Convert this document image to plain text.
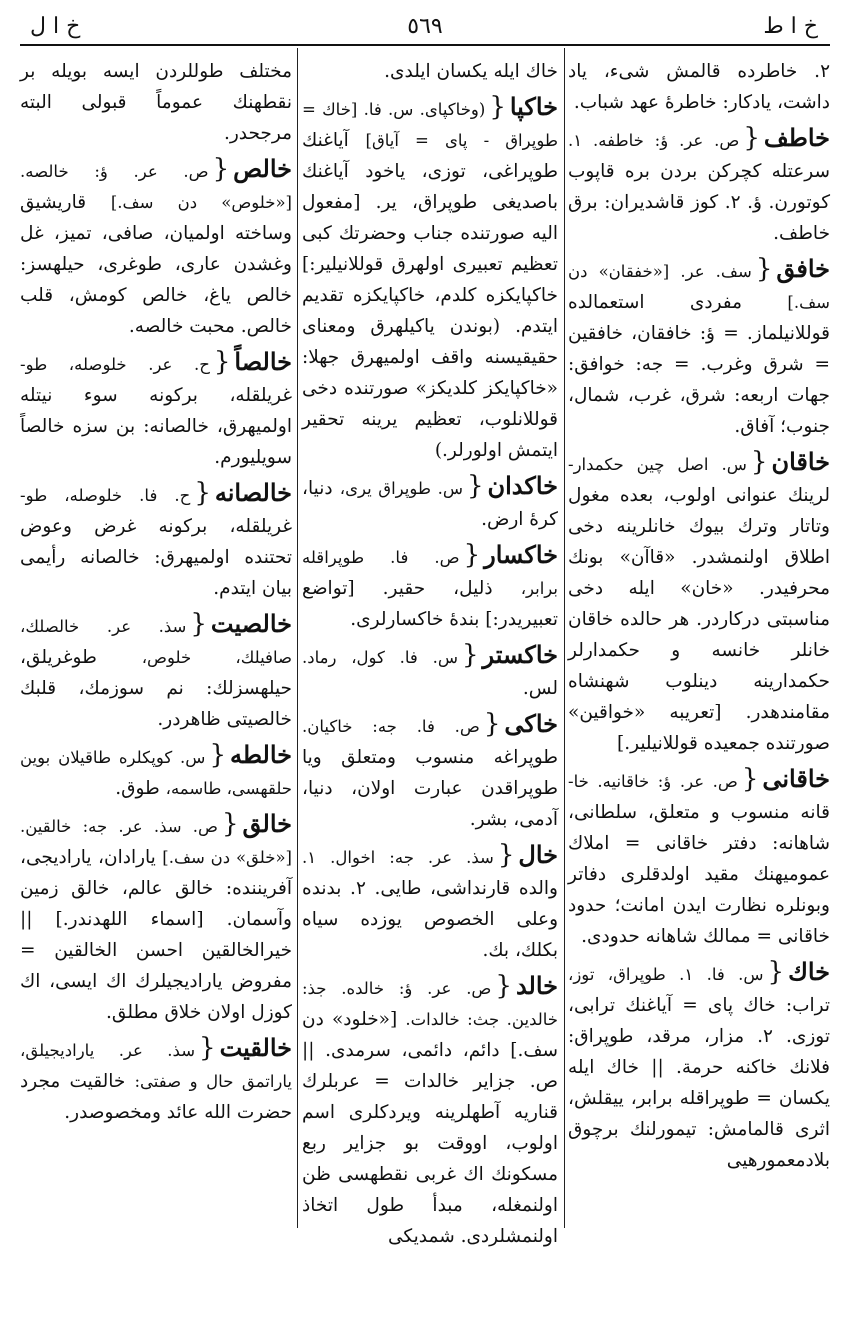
خ ا ل	٥٦٩	خ ا ط
٢. خاطرده قالمش شیء، یاد داشت، یادکار: خاطرهٔ عهد شباب.
خاطف{ص. عر. ؤ: خاطفه. ١. سرعتله کچرکن بردن بره قاپوب کوتورن. ؤ. ٢. کوز قاشدیران: برق خاطف.
خافق{سف. عر. [«خفقان» دن سف.] مفردی استعمالده قوللانیلماز. = ؤ: خافقان، خافقین = شرق وغرب. = جه: خوافق: جهات اربعه: شرق، غرب، شمال، جنوب؛ آفاق.
خاقان{س. اصل چین حکمدار- لرینك عنوانی اولوب، بعده مغول وتاتار وترك بیوك خانلرینه دخی اطلاق اولنمشدر. «قاآن» بونك محرفیدر. «خان» ایله دخی مناسبتی درکاردر. هر حالده خاقان خانلر خانسه و حکمدارلر حکمدارینه دینلوب شهنشاه مقامندهدر. [تعریبه «خواقین» صورتنده جمعیده قوللانیلیر.]
خاقانی{ص. عر. ؤ: خاقانیه. خا- قانه منسوب و متعلق، سلطانی، شاهانه: دفتر خاقانی = املاك عمومیهنك مقید اولدقلری دفاتر وبونلره نظارت ایدن امانت؛ حدود خاقانی = ممالك شاهانه حدودی.
خاك{س. فا. ١. طوپراق، توز، تراب: خاك پای = آیاغنك ترابی، توزی. ٢. مزار، مرقد، طوپراق: فلانك خاکنه حرمة. || خاك ایله یکسان = طوپراقله برابر، ییقلش، اثری قالمامش: تیمورلنك برچوق بلادمعمورهیی
خاك ایله یکسان ایلدی.
خاکپا{(وخاکپای. س. فا. [خاك = طوپراق - پای = آیاق] آیاغنك طوپراغی، توزی، یاخود آیاغنك باصدیغی طوپراق، یر. [مفعول الیه صورتنده جناب وحضرتك کبی تعظیم تعبیری اولهرق قوللانیلیر:] خاکپایکزه کلدم، خاکپایکزه تقدیم ایتدم. (بوندن یاکیلهرق ومعنای حقیقیسنه واقف اولمیهرق جهلا: «خاکپایکز کلدیکز» صورتنده دخی قوللانلوب، تعظیم یرینه تحقیر ایتمش اولورلر.)
خاکدان{س. طوپراق یری، دنیا، کرهٔ ارض.
خاکسار{ص. فا. طوپراقله برابر، ذلیل، حقیر. [تواضع تعبیریدر:] بندهٔ خاکسارلری.
خاکستر{س. فا. کول، رماد. لس.
خاکی{ص. فا. جه: خاکیان. طوپراغه منسوب ومتعلق ویا طوپراقدن عبارت اولان، دنیا، آدمی، بشر.
خال{سذ. عر. جه: اخوال. ١. والده قارنداشی، طایی. ٢. بدنده وعلی الخصوص یوزده سیاه بکلك، بك.
خالد{ص. عر. ؤ: خالده. جذ: خالدین. جث: خالدات. [«خلود» دن سف.] دائم، دائمی، سرمدی. || ص. جزایر خالدات = عربلرك قناریه آطهلرینه ویردکلری اسم اولوب، اووقت بو جزایر ربع مسکونك اك غربی نقطهسی ظن اولنمغله، مبدأ طول اتخاذ اولنمشلردی. شمدیکی
مختلف طوللردن ایسه بویله بر نقطهنك عموماً قبولی البته مرجحدر.
خالص{ص. عر. ؤ: خالصه. [«خلوص» دن سف.] قاریشیق وساخته اولمیان، صافی، تمیز، غل وغشدن عاری، طوغری، حیلهسز: خالص یاغ، خالص کومش، قلب خالص. محبت خالصه.
خالصاً{ح. عر. خلوصله، طو- غریلقله، برکونه سوء نیتله اولمیهرق، خالصانه: بن سزه خالصاً سویلیورم.
خالصانه{ح. فا. خلوصله، طو- غریلقله، برکونه غرض وعوض تحتنده اولمیهرق: خالصانه رأیمی بیان ایتدم.
خالصیت{سذ. عر. خالصلك، صافیلك، خلوص، طوغریلق، حیلهسزلك: نم سوزمك، قلبك خالصیتی ظاهردر.
خالطه{س. کوپکلره طاقیلان بوین حلقهسی، طاسمه، طوق.
خالق{ص. سذ. عر. جه: خالقین. [«خلق» دن سف.] یارادان، یارادیجی، آفریننده: خالق عالم، خالق زمین وآسمان. [اسماء اللهدندر.] || خیرالخالقین احسن الخالقین = مفروض یارادیجیلرك اك ایسی، اك کوزل اولان خلاق مطلق.
خالقیت{سذ. عر. یارادیجیلق، یاراتمق حال و صفتی: خالقیت مجرد حضرت الله عائد ومخصوصدر.
